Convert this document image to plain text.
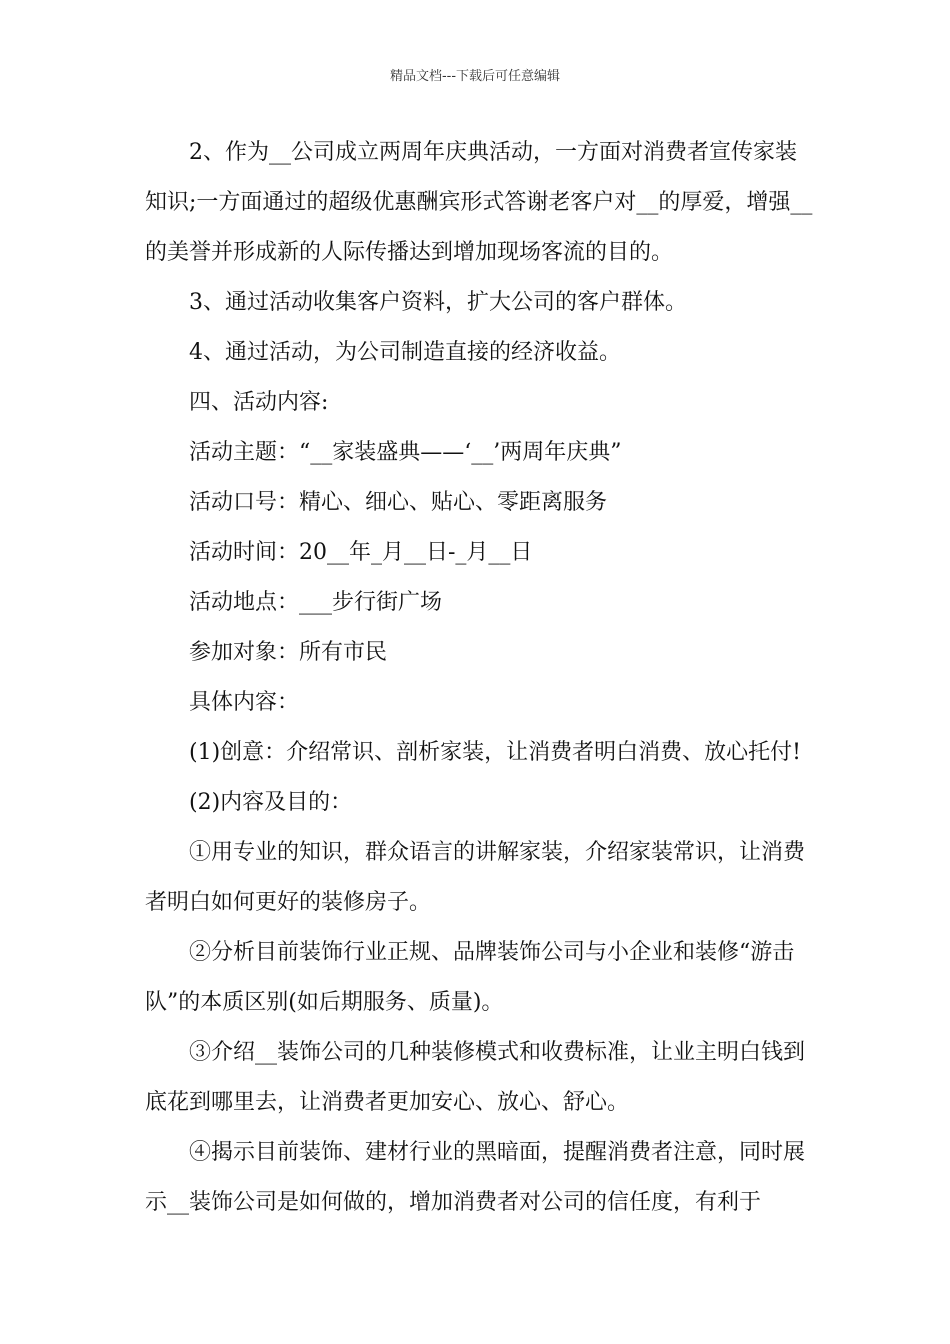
精品文档---下载后可任意编辑

2、作为__公司成立两周年庆典活动，一方面对消费者宣传家装知识;一方面通过的超级优惠酬宾形式答谢老客户对__的厚爱，增强__的美誉并形成新的人际传播达到增加现场客流的目的。

3、通过活动收集客户资料，扩大公司的客户群体。

4、通过活动，为公司制造直接的经济收益。

四、活动内容:

活动主题：“__家装盛典——‘__’两周年庆典”

活动口号：精心、细心、贴心、零距离服务

活动时间：20__年_月__日-_月__日

活动地点：___步行街广场

参加对象：所有市民

具体内容：

(1)创意：介绍常识、剖析家装，让消费者明白消费、放心托付!

(2)内容及目的：

①用专业的知识，群众语言的讲解家装，介绍家装常识，让消费者明白如何更好的装修房子。

②分析目前装饰行业正规、品牌装饰公司与小企业和装修“游击队”的本质区别(如后期服务、质量)。

③介绍__装饰公司的几种装修模式和收费标准，让业主明白钱到底花到哪里去，让消费者更加安心、放心、舒心。

④揭示目前装饰、建材行业的黑暗面，提醒消费者注意，同时展示__装饰公司是如何做的，增加消费者对公司的信任度，有利于
